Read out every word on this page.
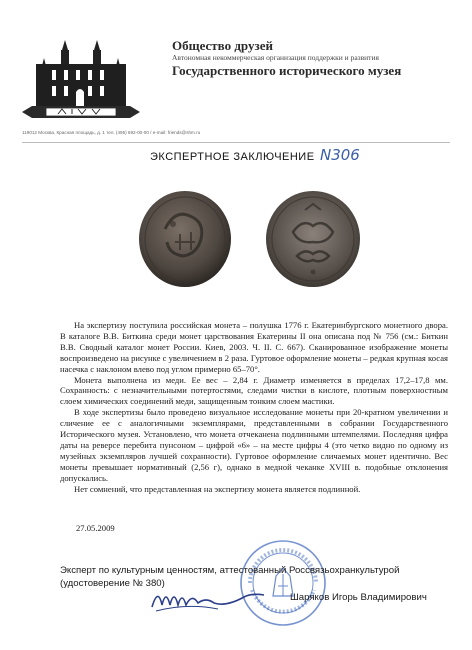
Общество друзей
Автономная некоммерческая организация поддержки и развития
Государственного исторического музея
119012 Москва, Красная площадь, д. 1 тел. (495) 692-00-00 / e-mail: friends@shm.ru
ЭКСПЕРТНОЕ ЗАКЛЮЧЕНИЕ N306

На экспертизу поступила российская монета – полушка 1776 г. Екатеринбургского монетного двора. В каталоге В.В. Биткина среди монет царствования Екатерины II она описана под № 756 (см.: Биткин В.В. Сводный каталог монет России. Киев, 2003. Ч. II. С. 667). Сканированное изображение монеты воспроизведено на рисунке с увеличением в 2 раза. Гуртовое оформление монеты – редкая крупная косая насечка с наклоном влево под углом примерно 65–70°.

Монета выполнена из меди. Ее вес – 2,84 г. Диаметр изменяется в пределах 17,2–17,8 мм. Сохранность: с незначительными потертостями, следами чистки в кислоте, плотным поверхностным слоем химических соединений меди, защищенным тонким слоем мастики.

В ходе экспертизы было проведено визуальное исследование монеты при 20-кратном увеличении и сличение ее с аналогичными экземплярами, представленными в собрании Государственного Исторического музея. Установлено, что монета отчеканена подлинными штемпелями. Последняя цифра даты на реверсе перебита пунсоном – цифрой «6» – на месте цифры 4 (это четко видно по одному из музейных экземпляров лучшей сохранности). Гуртовое оформление сличаемых монет идентично. Вес монеты превышает нормативный (2,56 г), однако в медной чеканке XVIII в. подобные отклонения допускались.

Нет сомнений, что представленная на экспертизу монета является подлинной.

27.05.2009
Эксперт по культурным ценностям, аттестованный Россвязьохранкультурой
(удостоверение № 380)
Шаряков Игорь Владимирович
